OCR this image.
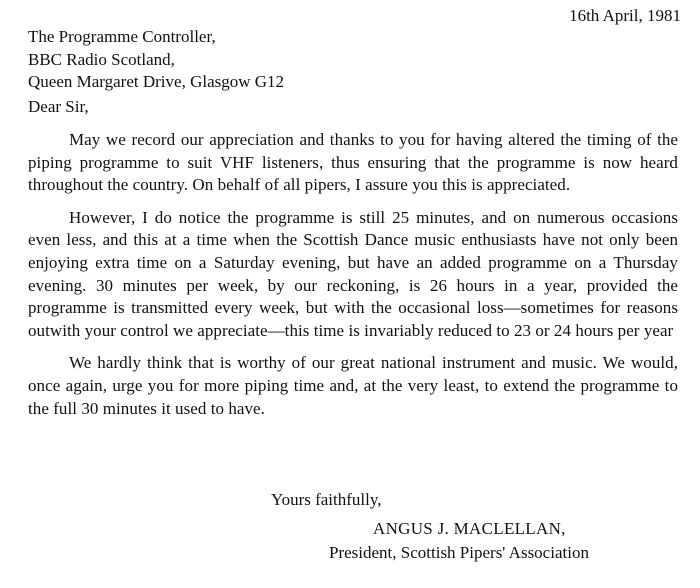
16th April, 1981
The Programme Controller,
BBC Radio Scotland,
Queen Margaret Drive, Glasgow G12
Dear Sir,

May we record our appreciation and thanks to you for having altered the timing of the piping programme to suit VHF listeners, thus ensuring that the programme is now heard throughout the country. On behalf of all pipers, I assure you this is appreciated.

However, I do notice the programme is still 25 minutes, and on numerous occasions even less, and this at a time when the Scottish Dance music enthusiasts have not only been enjoying extra time on a Saturday evening, but have an added programme on a Thursday evening. 30 minutes per week, by our reckoning, is 26 hours in a year, provided the programme is transmitted every week, but with the occasional loss—sometimes for reasons outwith your control we appreciate—this time is invariably reduced to 23 or 24 hours per year

We hardly think that is worthy of our great national instrument and music. We would, once again, urge you for more piping time and, at the very least, to extend the programme to the full 30 minutes it used to have.

Yours faithfully,
ANGUS J. MACLELLAN,
President, Scottish Pipers' Association
